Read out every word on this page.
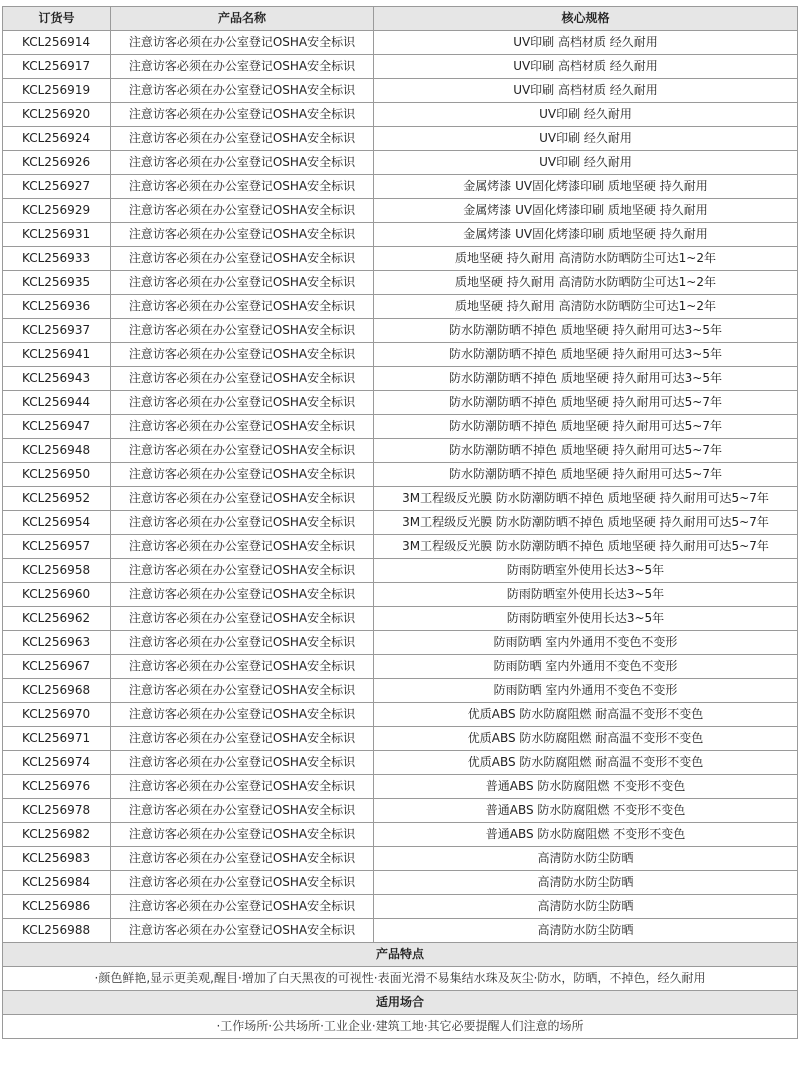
订货号	产品名称	核心规格
KCL256914	注意访客必须在办公室登记OSHA安全标识	UV印刷 高档材质 经久耐用
KCL256917	注意访客必须在办公室登记OSHA安全标识	UV印刷 高档材质 经久耐用
KCL256919	注意访客必须在办公室登记OSHA安全标识	UV印刷 高档材质 经久耐用
KCL256920	注意访客必须在办公室登记OSHA安全标识	UV印刷 经久耐用
KCL256924	注意访客必须在办公室登记OSHA安全标识	UV印刷 经久耐用
KCL256926	注意访客必须在办公室登记OSHA安全标识	UV印刷 经久耐用
KCL256927	注意访客必须在办公室登记OSHA安全标识	金属烤漆 UV固化烤漆印刷 质地坚硬 持久耐用
KCL256929	注意访客必须在办公室登记OSHA安全标识	金属烤漆 UV固化烤漆印刷 质地坚硬 持久耐用
KCL256931	注意访客必须在办公室登记OSHA安全标识	金属烤漆 UV固化烤漆印刷 质地坚硬 持久耐用
KCL256933	注意访客必须在办公室登记OSHA安全标识	质地坚硬 持久耐用 高清防水防晒防尘可达1~2年
KCL256935	注意访客必须在办公室登记OSHA安全标识	质地坚硬 持久耐用 高清防水防晒防尘可达1~2年
KCL256936	注意访客必须在办公室登记OSHA安全标识	质地坚硬 持久耐用 高清防水防晒防尘可达1~2年
KCL256937	注意访客必须在办公室登记OSHA安全标识	防水防潮防晒不掉色 质地坚硬 持久耐用可达3~5年
KCL256941	注意访客必须在办公室登记OSHA安全标识	防水防潮防晒不掉色 质地坚硬 持久耐用可达3~5年
KCL256943	注意访客必须在办公室登记OSHA安全标识	防水防潮防晒不掉色 质地坚硬 持久耐用可达3~5年
KCL256944	注意访客必须在办公室登记OSHA安全标识	防水防潮防晒不掉色 质地坚硬 持久耐用可达5~7年
KCL256947	注意访客必须在办公室登记OSHA安全标识	防水防潮防晒不掉色 质地坚硬 持久耐用可达5~7年
KCL256948	注意访客必须在办公室登记OSHA安全标识	防水防潮防晒不掉色 质地坚硬 持久耐用可达5~7年
KCL256950	注意访客必须在办公室登记OSHA安全标识	防水防潮防晒不掉色 质地坚硬 持久耐用可达5~7年
KCL256952	注意访客必须在办公室登记OSHA安全标识	3M工程级反光膜 防水防潮防晒不掉色 质地坚硬 持久耐用可达5~7年
KCL256954	注意访客必须在办公室登记OSHA安全标识	3M工程级反光膜 防水防潮防晒不掉色 质地坚硬 持久耐用可达5~7年
KCL256957	注意访客必须在办公室登记OSHA安全标识	3M工程级反光膜 防水防潮防晒不掉色 质地坚硬 持久耐用可达5~7年
KCL256958	注意访客必须在办公室登记OSHA安全标识	防雨防晒室外使用长达3~5年
KCL256960	注意访客必须在办公室登记OSHA安全标识	防雨防晒室外使用长达3~5年
KCL256962	注意访客必须在办公室登记OSHA安全标识	防雨防晒室外使用长达3~5年
KCL256963	注意访客必须在办公室登记OSHA安全标识	防雨防晒 室内外通用不变色不变形
KCL256967	注意访客必须在办公室登记OSHA安全标识	防雨防晒 室内外通用不变色不变形
KCL256968	注意访客必须在办公室登记OSHA安全标识	防雨防晒 室内外通用不变色不变形
KCL256970	注意访客必须在办公室登记OSHA安全标识	优质ABS 防水防腐阻燃 耐高温不变形不变色
KCL256971	注意访客必须在办公室登记OSHA安全标识	优质ABS 防水防腐阻燃 耐高温不变形不变色
KCL256974	注意访客必须在办公室登记OSHA安全标识	优质ABS 防水防腐阻燃 耐高温不变形不变色
KCL256976	注意访客必须在办公室登记OSHA安全标识	普通ABS 防水防腐阻燃 不变形不变色
KCL256978	注意访客必须在办公室登记OSHA安全标识	普通ABS 防水防腐阻燃 不变形不变色
KCL256982	注意访客必须在办公室登记OSHA安全标识	普通ABS 防水防腐阻燃 不变形不变色
KCL256983	注意访客必须在办公室登记OSHA安全标识	高清防水防尘防晒
KCL256984	注意访客必须在办公室登记OSHA安全标识	高清防水防尘防晒
KCL256986	注意访客必须在办公室登记OSHA安全标识	高清防水防尘防晒
KCL256988	注意访客必须在办公室登记OSHA安全标识	高清防水防尘防晒
产品特点		
·颜色鲜艳,显示更美观,醒目·增加了白天黑夜的可视性·表面光滑不易集结水珠及灰尘·防水，防晒，不掉色，经久耐用		
适用场合		
·工作场所·公共场所·工业企业·建筑工地·其它必要提醒人们注意的场所		
